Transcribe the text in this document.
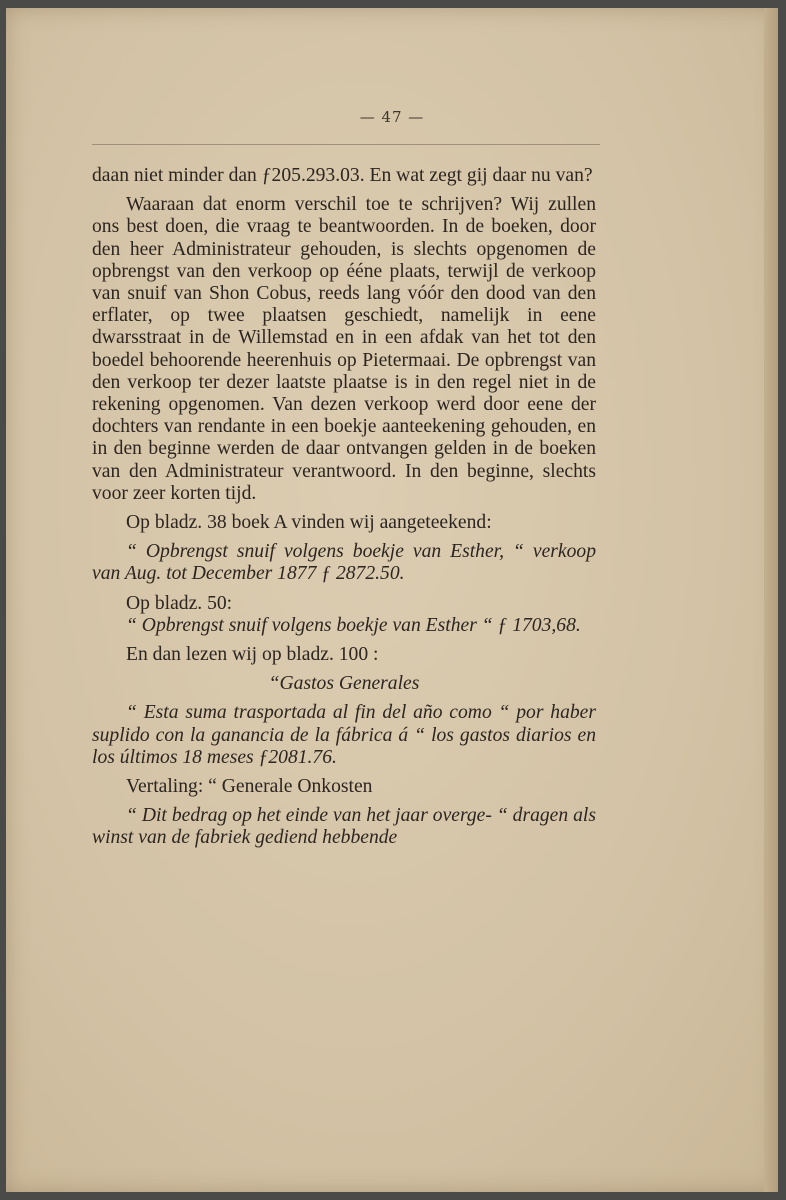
— 47 —

daan niet minder dan ƒ205.293.03. En wat zegt gij daar nu van?

Waaraan dat enorm verschil toe te schrijven? Wij zullen ons best doen, die vraag te beantwoorden. In de boeken, door den heer Administrateur gehouden, is slechts opgenomen de opbrengst van den verkoop op éénе plaats, terwijl de verkoop van snuif van Shon Cobus, reeds lang vóór den dood van den erflater, op twee plaatsen geschiedt, namelijk in eene dwarsstraat in de Willemstad en in een afdak van het tot den boedel behoorende heerenhuis op Pietermaai. De opbrengst van den verkoop ter dezer laatste plaatse is in den regel niet in de rekening opgenomen. Van dezen verkoop werd door eene der dochters van rendante in een boekje aanteekening gehouden, en in den beginne werden de daar ontvangen gelden in de boeken van den Administrateur verantwoord. In den beginne, slechts voor zeer korten tijd.

Op bladz. 38 boek A vinden wij aangeteekend:

“ Opbrengst snuif volgens boekje van Esther, “ verkoop van Aug. tot December 1877 ƒ 2872.50.

Op bladz. 50:

“ Opbrengst snuif volgens boekje van Esther “ ƒ 1703,68.

En dan lezen wij op bladz. 100 :

“Gastos Generales

“ Esta suma trasportada al fin del año como “ por haber suplido con la ganancia de la fábrica á “ los gastos diarios en los últimos 18 meses ƒ2081.76.

Vertaling: “ Generale Onkosten

“ Dit bedrag op het einde van het jaar overge- “ dragen als winst van de fabriek gediend hebbende
